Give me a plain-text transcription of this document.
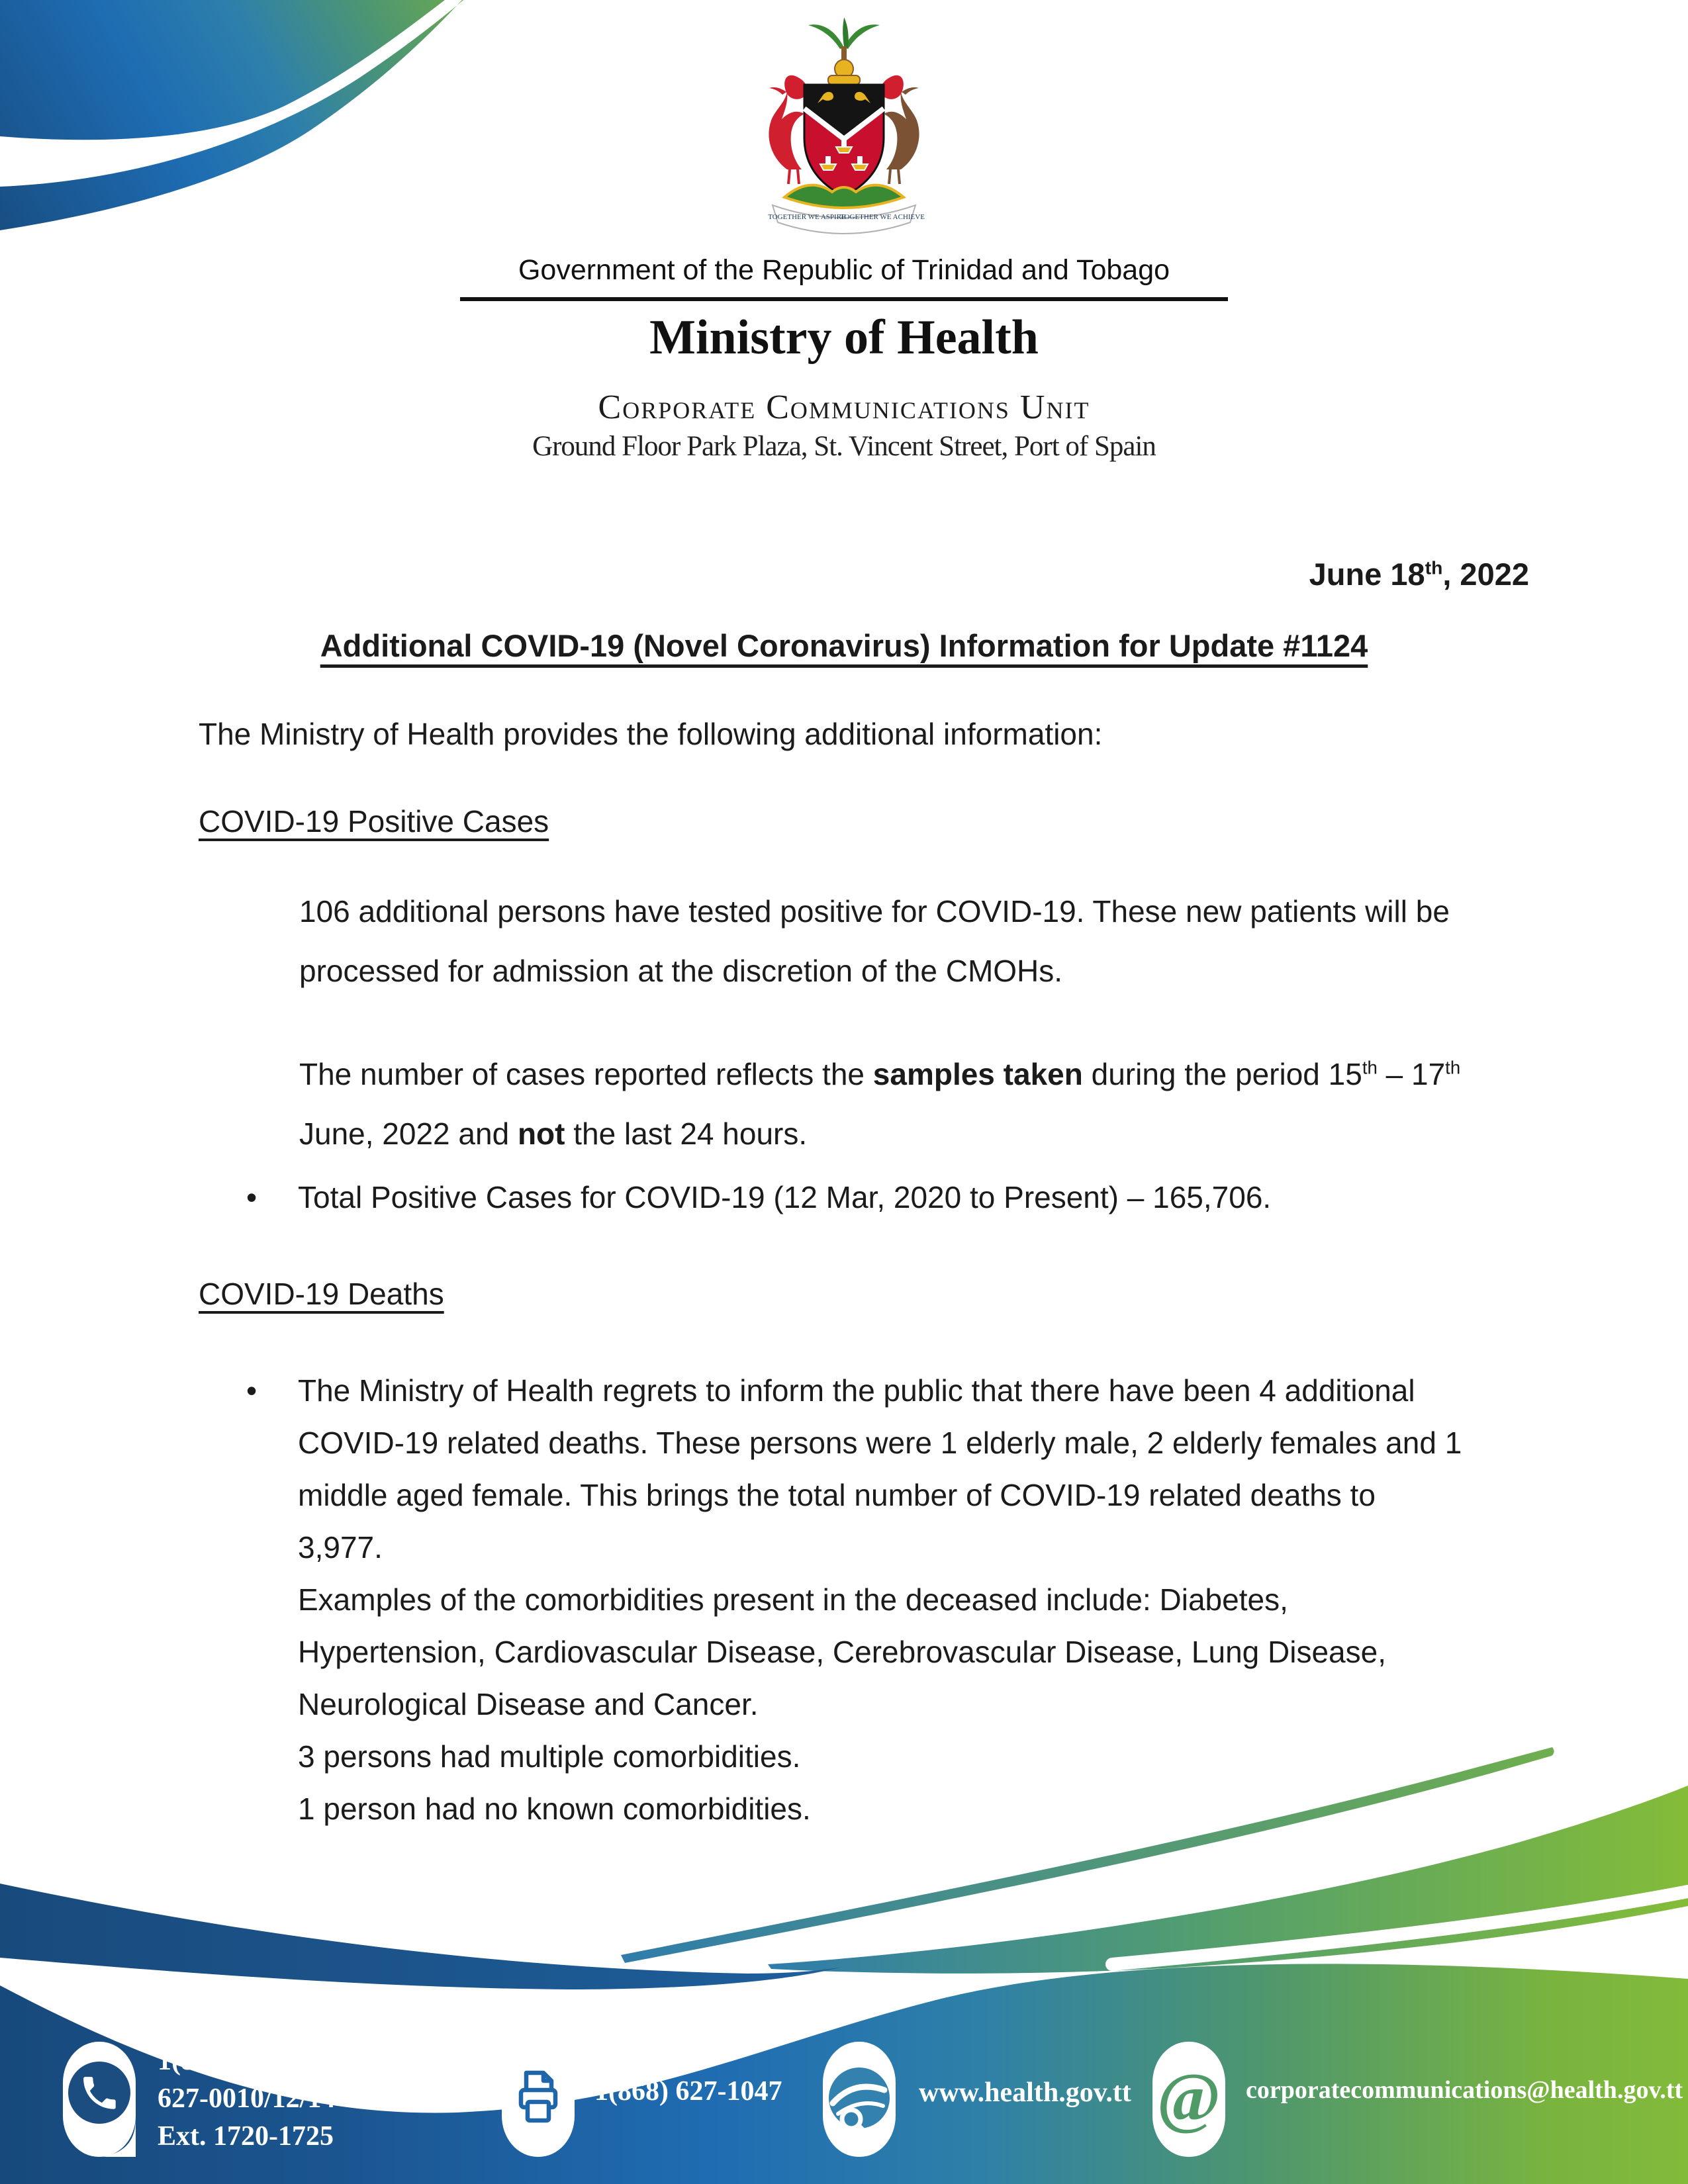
TOGETHER WE ASPIRE
TOGETHER WE ACHIEVE
Government of the Republic of Trinidad and Tobago
Ministry of Health
Corporate Communications Unit
Ground Floor Park Plaza, St. Vincent Street, Port of Spain
June 18th, 2022
Additional COVID-19 (Novel Coronavirus) Information for Update #1124
The Ministry of Health provides the following additional information:
COVID-19 Positive Cases
106 additional persons have tested positive for COVID-19. These new patients will be
processed for admission at the discretion of the CMOHs.
The number of cases reported reflects the samples taken during the period 15th – 17th
June, 2022 and not the last 24 hours.
•	Total Positive Cases for COVID-19 (12 Mar, 2020 to Present) – 165,706.
COVID-19 Deaths
•	The Ministry of Health regrets to inform the public that there have been 4 additional
COVID-19 related deaths. These persons were 1 elderly male, 2 elderly females and 1
middle aged female. This brings the total number of COVID-19 related deaths to
3,977.
Examples of the comorbidities present in the deceased include: Diabetes,
Hypertension, Cardiovascular Disease, Cerebrovascular Disease, Lung Disease,
Neurological Disease and Cancer.
3 persons had multiple comorbidities.
1 person had no known comorbidities.
@
1(868) 627-1047/ 623-8492 or
627-0010/12/14
Ext. 1720-1725
1(868) 627-1047	www.health.gov.tt	corporatecommunications@health.gov.tt
